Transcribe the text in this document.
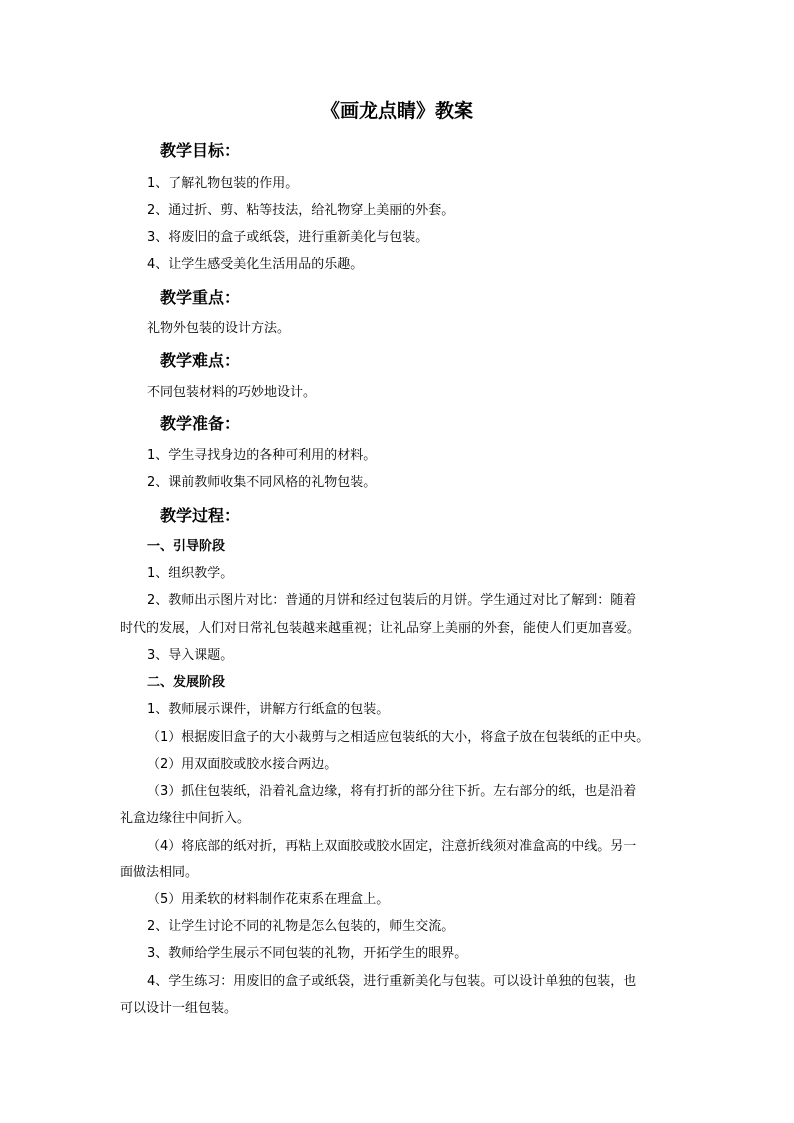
《画龙点睛》教案
教学目标：
1、了解礼物包装的作用。
2、通过折、剪、粘等技法，给礼物穿上美丽的外套。
3、将废旧的盒子或纸袋，进行重新美化与包装。
4、让学生感受美化生活用品的乐趣。
教学重点：
礼物外包装的设计方法。
教学难点：
不同包装材料的巧妙地设计。
教学准备：
1、学生寻找身边的各种可利用的材料。
2、课前教师收集不同风格的礼物包装。
教学过程：
一、引导阶段
1、组织教学。
2、教师出示图片对比：普通的月饼和经过包装后的月饼。学生通过对比了解到：随着
时代的发展，人们对日常礼包装越来越重视；让礼品穿上美丽的外套，能使人们更加喜爱。
3、导入课题。
二、发展阶段
1、教师展示课件，讲解方行纸盒的包装。
（1）根据废旧盒子的大小裁剪与之相适应包装纸的大小，将盒子放在包装纸的正中央。
（2）用双面胶或胶水接合两边。
（3）抓住包装纸，沿着礼盒边缘，将有打折的部分往下折。左右部分的纸，也是沿着
礼盒边缘往中间折入。
（4）将底部的纸对折，再粘上双面胶或胶水固定，注意折线须对准盒高的中线。另一
面做法相同。
（5）用柔软的材料制作花束系在理盒上。
2、让学生讨论不同的礼物是怎么包装的，师生交流。
3、教师给学生展示不同包装的礼物，开拓学生的眼界。
4、学生练习：用废旧的盒子或纸袋，进行重新美化与包装。可以设计单独的包装，也
可以设计一组包装。
